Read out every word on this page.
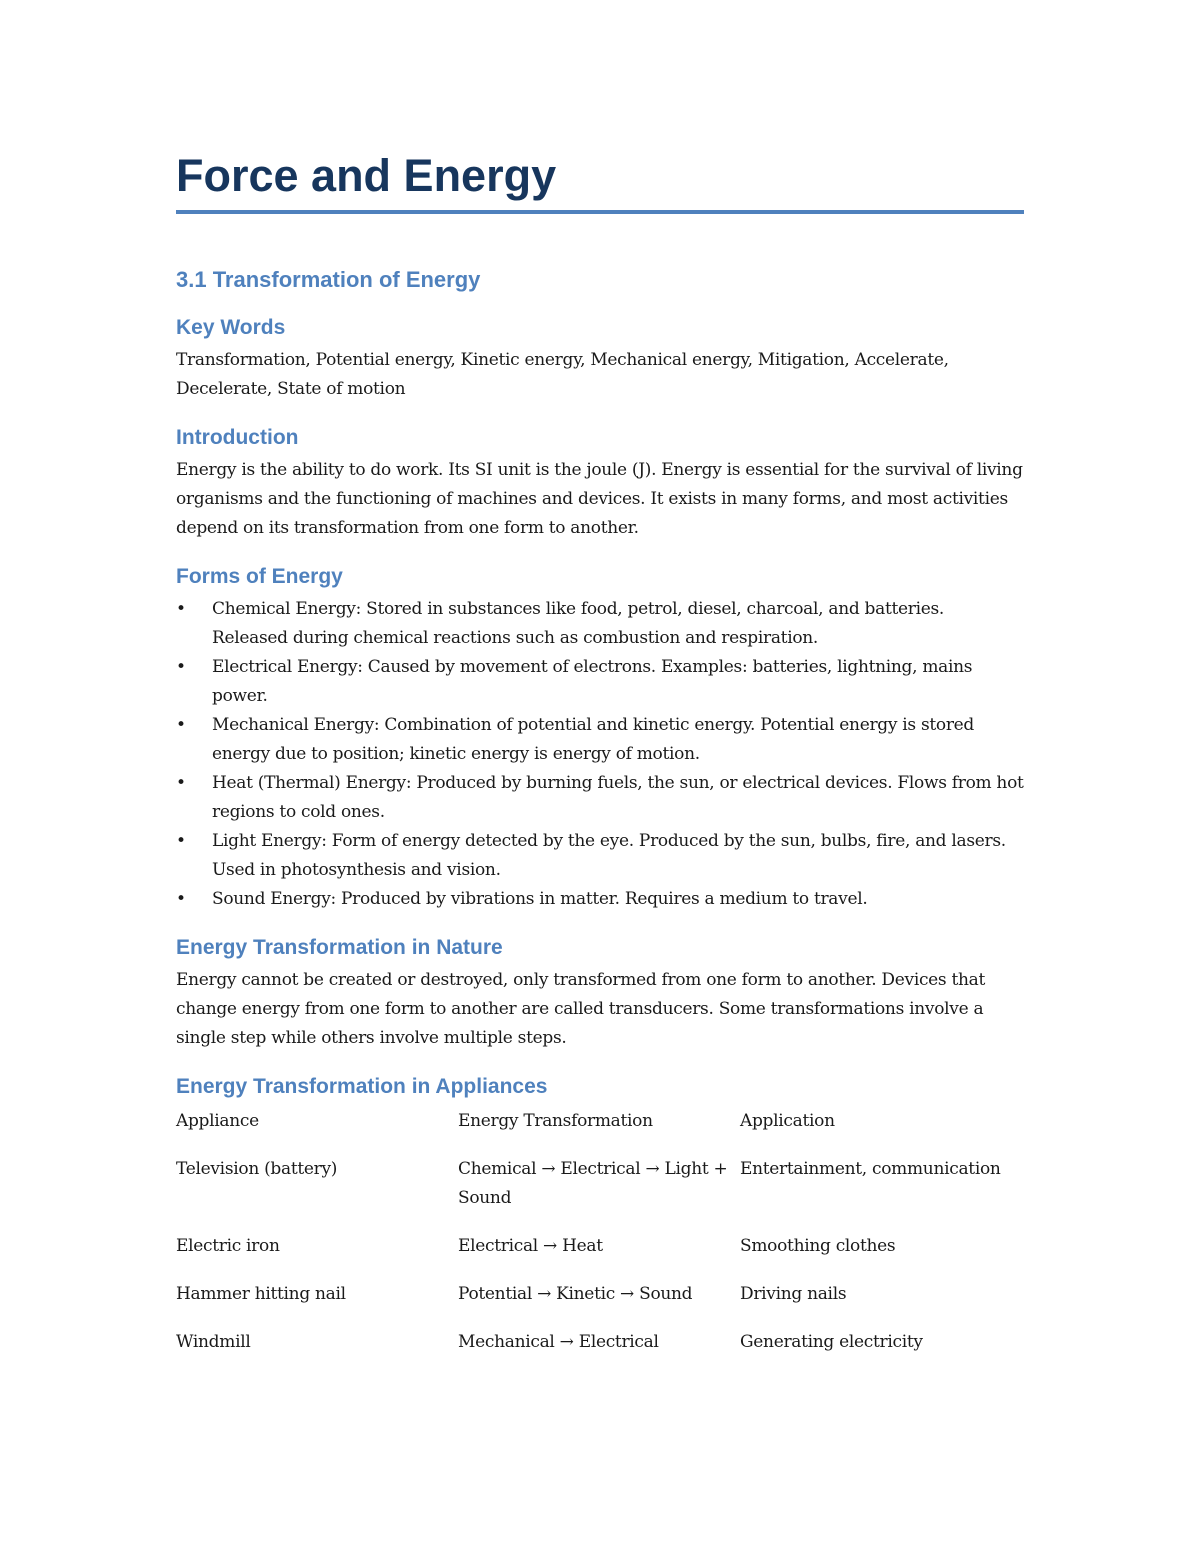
Force and Energy
3.1 Transformation of Energy
Key Words

Transformation, Potential energy, Kinetic energy, Mechanical energy, Mitigation, Accelerate, Decelerate, State of motion

Introduction

Energy is the ability to do work. Its SI unit is the joule (J). Energy is essential for the survival of living organisms and the functioning of machines and devices. It exists in many forms, and most activities depend on its transformation from one form to another.

Forms of Energy
• Chemical Energy: Stored in substances like food, petrol, diesel, charcoal, and batteries. Released during chemical reactions such as combustion and respiration.
• Electrical Energy: Caused by movement of electrons. Examples: batteries, lightning, mains power.
• Mechanical Energy: Combination of potential and kinetic energy. Potential energy is stored energy due to position; kinetic energy is energy of motion.
• Heat (Thermal) Energy: Produced by burning fuels, the sun, or electrical devices. Flows from hot regions to cold ones.
• Light Energy: Form of energy detected by the eye. Produced by the sun, bulbs, fire, and lasers. Used in photosynthesis and vision.
• Sound Energy: Produced by vibrations in matter. Requires a medium to travel.
Energy Transformation in Nature

Energy cannot be created or destroyed, only transformed from one form to another. Devices that change energy from one form to another are called transducers. Some transformations involve a single step while others involve multiple steps.

Energy Transformation in Appliances
Appliance	Energy Transformation	Application
Television (battery)	Chemical → Electrical → Light + Sound	Entertainment, communication
Electric iron	Electrical → Heat	Smoothing clothes
Hammer hitting nail	Potential → Kinetic → Sound	Driving nails
Windmill	Mechanical → Electrical	Generating electricity
